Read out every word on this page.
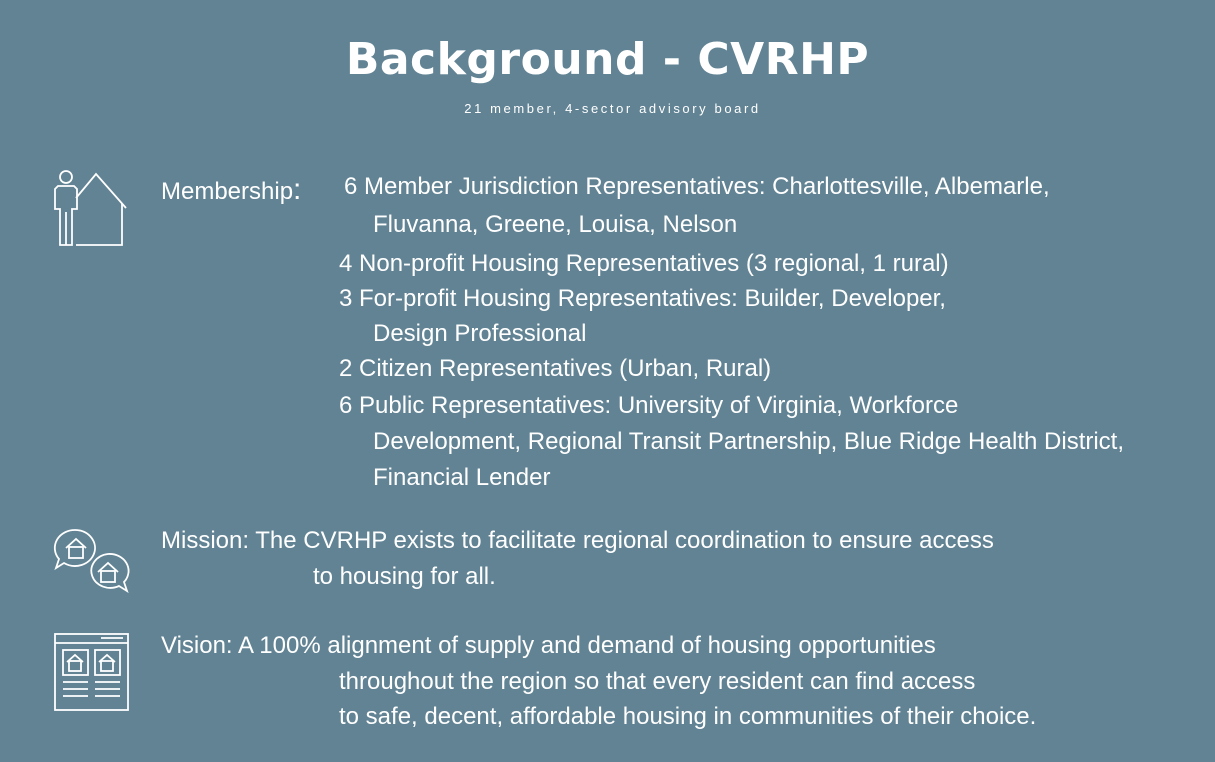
Background - CVRHP
21 member, 4-sector advisory board
Membership: 6 Member Jurisdiction Representatives: Charlottesville, Albemarle,
Fluvanna, Greene, Louisa, Nelson
4 Non-profit Housing Representatives (3 regional, 1 rural)
3 For-profit Housing Representatives: Builder, Developer,
Design Professional
2 Citizen Representatives (Urban, Rural)
6 Public Representatives: University of Virginia, Workforce
Development, Regional Transit Partnership, Blue Ridge Health District,
Financial Lender
Mission: The CVRHP exists to facilitate regional coordination to ensure access
to housing for all.
Vision: A 100% alignment of supply and demand of housing opportunities
throughout the region so that every resident can find access
to safe, decent, affordable housing in communities of their choice.
